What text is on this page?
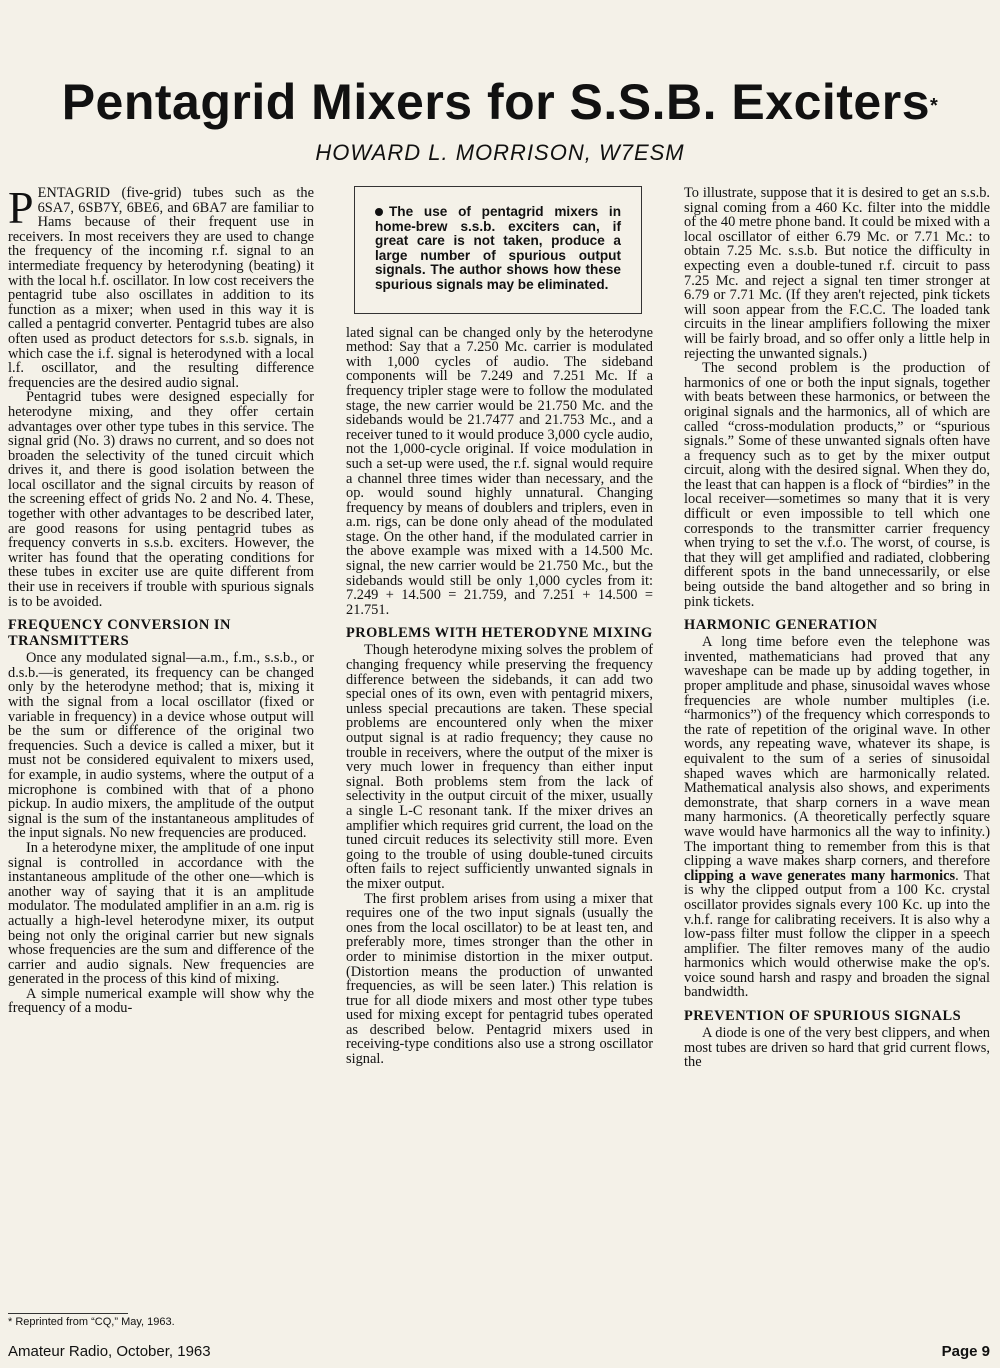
Pentagrid Mixers for S.S.B. Exciters*
HOWARD L. MORRISON, W7ESM

PENTAGRID (five-grid) tubes such as the 6SA7, 6SB7Y, 6BE6, and 6BA7 are familiar to Hams because of their frequent use in receivers. In most receivers they are used to change the frequency of the incoming r.f. signal to an intermediate frequency by heterodyning (beating) it with the local h.f. oscillator. In low cost receivers the pentagrid tube also oscillates in addition to its function as a mixer; when used in this way it is called a pentagrid converter. Pentagrid tubes are also often used as product detectors for s.s.b. signals, in which case the i.f. signal is heterodyned with a local l.f. oscillator, and the resulting difference frequencies are the desired audio signal.

Pentagrid tubes were designed especially for heterodyne mixing, and they offer certain advantages over other type tubes in this service. The signal grid (No. 3) draws no current, and so does not broaden the selectivity of the tuned circuit which drives it, and there is good isolation between the local oscillator and the signal circuits by reason of the screening effect of grids No. 2 and No. 4. These, together with other advantages to be described later, are good reasons for using pentagrid tubes as frequency converts in s.s.b. exciters. However, the writer has found that the operating conditions for these tubes in exciter use are quite different from their use in receivers if trouble with spurious signals is to be avoided.

FREQUENCY CONVERSION IN TRANSMITTERS

Once any modulated signal—a.m., f.m., s.s.b., or d.s.b.—is generated, its frequency can be changed only by the heterodyne method; that is, mixing it with the signal from a local oscillator (fixed or variable in frequency) in a device whose output will be the sum or difference of the original two frequencies. Such a device is called a mixer, but it must not be considered equivalent to mixers used, for example, in audio systems, where the output of a microphone is combined with that of a phono pickup. In audio mixers, the amplitude of the output signal is the sum of the instantaneous amplitudes of the input signals. No new frequencies are produced.

In a heterodyne mixer, the amplitude of one input signal is controlled in accordance with the instantaneous amplitude of the other one—which is another way of saying that it is an amplitude modulator. The modulated amplifier in an a.m. rig is actually a high-level heterodyne mixer, its output being not only the original carrier but new signals whose frequencies are the sum and difference of the carrier and audio signals. New frequencies are generated in the process of this kind of mixing.

A simple numerical example will show why the frequency of a modu-

The use of pentagrid mixers in home-brew s.s.b. exciters can, if great care is not taken, produce a large number of spurious output signals. The author shows how these spurious signals may be eliminated.

lated signal can be changed only by the heterodyne method: Say that a 7.250 Mc. carrier is modulated with 1,000 cycles of audio. The sideband components will be 7.249 and 7.251 Mc. If a frequency tripler stage were to follow the modulated stage, the new carrier would be 21.750 Mc. and the sidebands would be 21.7477 and 21.753 Mc., and a receiver tuned to it would produce 3,000 cycle audio, not the 1,000-cycle original. If voice modulation in such a set-up were used, the r.f. signal would require a channel three times wider than necessary, and the op. would sound highly unnatural. Changing frequency by means of doublers and triplers, even in a.m. rigs, can be done only ahead of the modulated stage. On the other hand, if the modulated carrier in the above example was mixed with a 14.500 Mc. signal, the new carrier would be 21.750 Mc., but the sidebands would still be only 1,000 cycles from it: 7.249 + 14.500 = 21.759, and 7.251 + 14.500 = 21.751.

PROBLEMS WITH HETERODYNE MIXING

Though heterodyne mixing solves the problem of changing frequency while preserving the frequency difference between the sidebands, it can add two special ones of its own, even with pentagrid mixers, unless special precautions are taken. These special problems are encountered only when the mixer output signal is at radio frequency; they cause no trouble in receivers, where the output of the mixer is very much lower in frequency than either input signal. Both problems stem from the lack of selectivity in the output circuit of the mixer, usually a single L-C resonant tank. If the mixer drives an amplifier which requires grid current, the load on the tuned circuit reduces its selectivity still more. Even going to the trouble of using double-tuned circuits often fails to reject sufficiently unwanted signals in the mixer output.

The first problem arises from using a mixer that requires one of the two input signals (usually the ones from the local oscillator) to be at least ten, and preferably more, times stronger than the other in order to minimise distortion in the mixer output. (Distortion means the production of unwanted frequencies, as will be seen later.) This relation is true for all diode mixers and most other type tubes used for mixing except for pentagrid tubes operated as described below. Pentagrid mixers used in receiving-type conditions also use a strong oscillator signal.

To illustrate, suppose that it is desired to get an s.s.b. signal coming from a 460 Kc. filter into the middle of the 40 metre phone band. It could be mixed with a local oscillator of either 6.79 Mc. or 7.71 Mc.: to obtain 7.25 Mc. s.s.b. But notice the difficulty in expecting even a double-tuned r.f. circuit to pass 7.25 Mc. and reject a signal ten timer stronger at 6.79 or 7.71 Mc. (If they aren't rejected, pink tickets will soon appear from the F.C.C. The loaded tank circuits in the linear amplifiers following the mixer will be fairly broad, and so offer only a little help in rejecting the unwanted signals.)

The second problem is the production of harmonics of one or both the input signals, together with beats between these harmonics, or between the original signals and the harmonics, all of which are called “cross-modulation products,” or “spurious signals.” Some of these unwanted signals often have a frequency such as to get by the mixer output circuit, along with the desired signal. When they do, the least that can happen is a flock of “birdies” in the local receiver—sometimes so many that it is very difficult or even impossible to tell which one corresponds to the transmitter carrier frequency when trying to set the v.f.o. The worst, of course, is that they will get amplified and radiated, clobbering different spots in the band unnecessarily, or else being outside the band altogether and so bring in pink tickets.

HARMONIC GENERATION

A long time before even the telephone was invented, mathematicians had proved that any waveshape can be made up by adding together, in proper amplitude and phase, sinusoidal waves whose frequencies are whole number multiples (i.e. “harmonics”) of the frequency which corresponds to the rate of repetition of the original wave. In other words, any repeating wave, whatever its shape, is equivalent to the sum of a series of sinusoidal shaped waves which are harmonically related. Mathematical analysis also shows, and experiments demonstrate, that sharp corners in a wave mean many harmonics. (A theoretically perfectly square wave would have harmonics all the way to infinity.) The important thing to remember from this is that clipping a wave makes sharp corners, and therefore clipping a wave generates many harmonics. That is why the clipped output from a 100 Kc. crystal oscillator provides signals every 100 Kc. up into the v.h.f. range for calibrating receivers. It is also why a low-pass filter must follow the clipper in a speech amplifier. The filter removes many of the audio harmonics which would otherwise make the op's. voice sound harsh and raspy and broaden the signal bandwidth.

PREVENTION OF SPURIOUS SIGNALS

A diode is one of the very best clippers, and when most tubes are driven so hard that grid current flows, the

* Reprinted from “CQ,” May, 1963.
Amateur Radio, October, 1963	Page 9
